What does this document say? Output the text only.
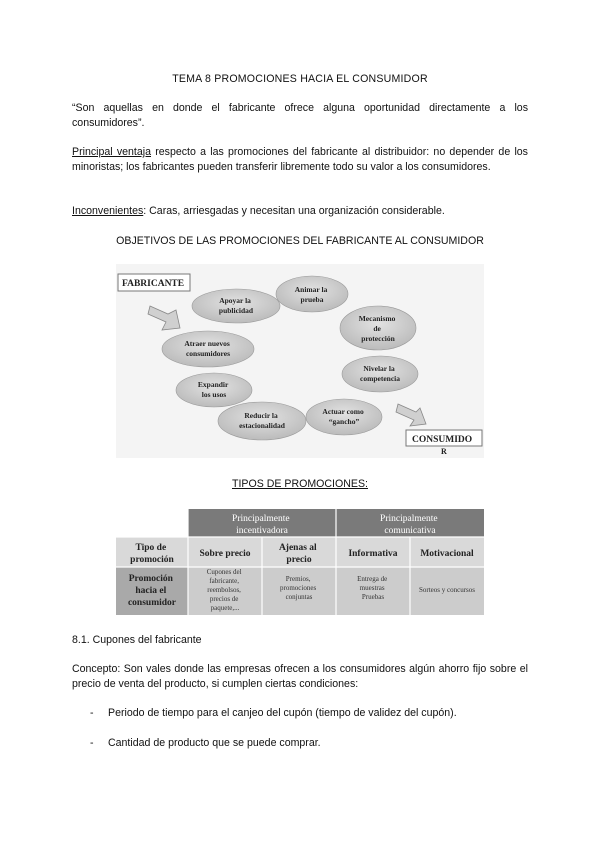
TEMA 8 PROMOCIONES HACIA EL CONSUMIDOR
“Son aquellas en donde el fabricante ofrece alguna oportunidad directamente a los consumidores”.
Principal ventaja respecto a las promociones del fabricante al distribuidor: no depender de los minoristas; los fabricantes pueden transferir libremente todo su valor a los consumidores.
Inconvenientes: Caras, arriesgadas y necesitan una organización considerable.
OBJETIVOS DE LAS PROMOCIONES DEL FABRICANTE AL CONSUMIDOR
FABRICANTE
Apoyar la publicidad
Animar la prueba
Mecanismo de protección
Nivelar la competencia
Actuar como “gancho”
Reducir la estacionalidad
Expandir los usos
Atraer nuevos consumidores
CONSUMIDO
R
TIPOS DE PROMOCIONES:
Principalmente incentivadora
Principalmente comunicativa
Tipo de promoción
Sobre precio
Ajenas al precio
Informativa Motivacional
Promoción hacia el consumidor
Cupones del fabricante, reembolsos, precios de paquete,...
Premios, promociones conjuntas
Entrega de muestras Pruebas
Sorteos y concursos
8.1. Cupones del fabricante
Concepto: Son vales donde las empresas ofrecen a los consumidores algún ahorro fijo sobre el precio de venta del producto, si cumplen ciertas condiciones:
- Periodo de tiempo para el canjeo del cupón (tiempo de validez del cupón).
- Cantidad de producto que se puede comprar.
